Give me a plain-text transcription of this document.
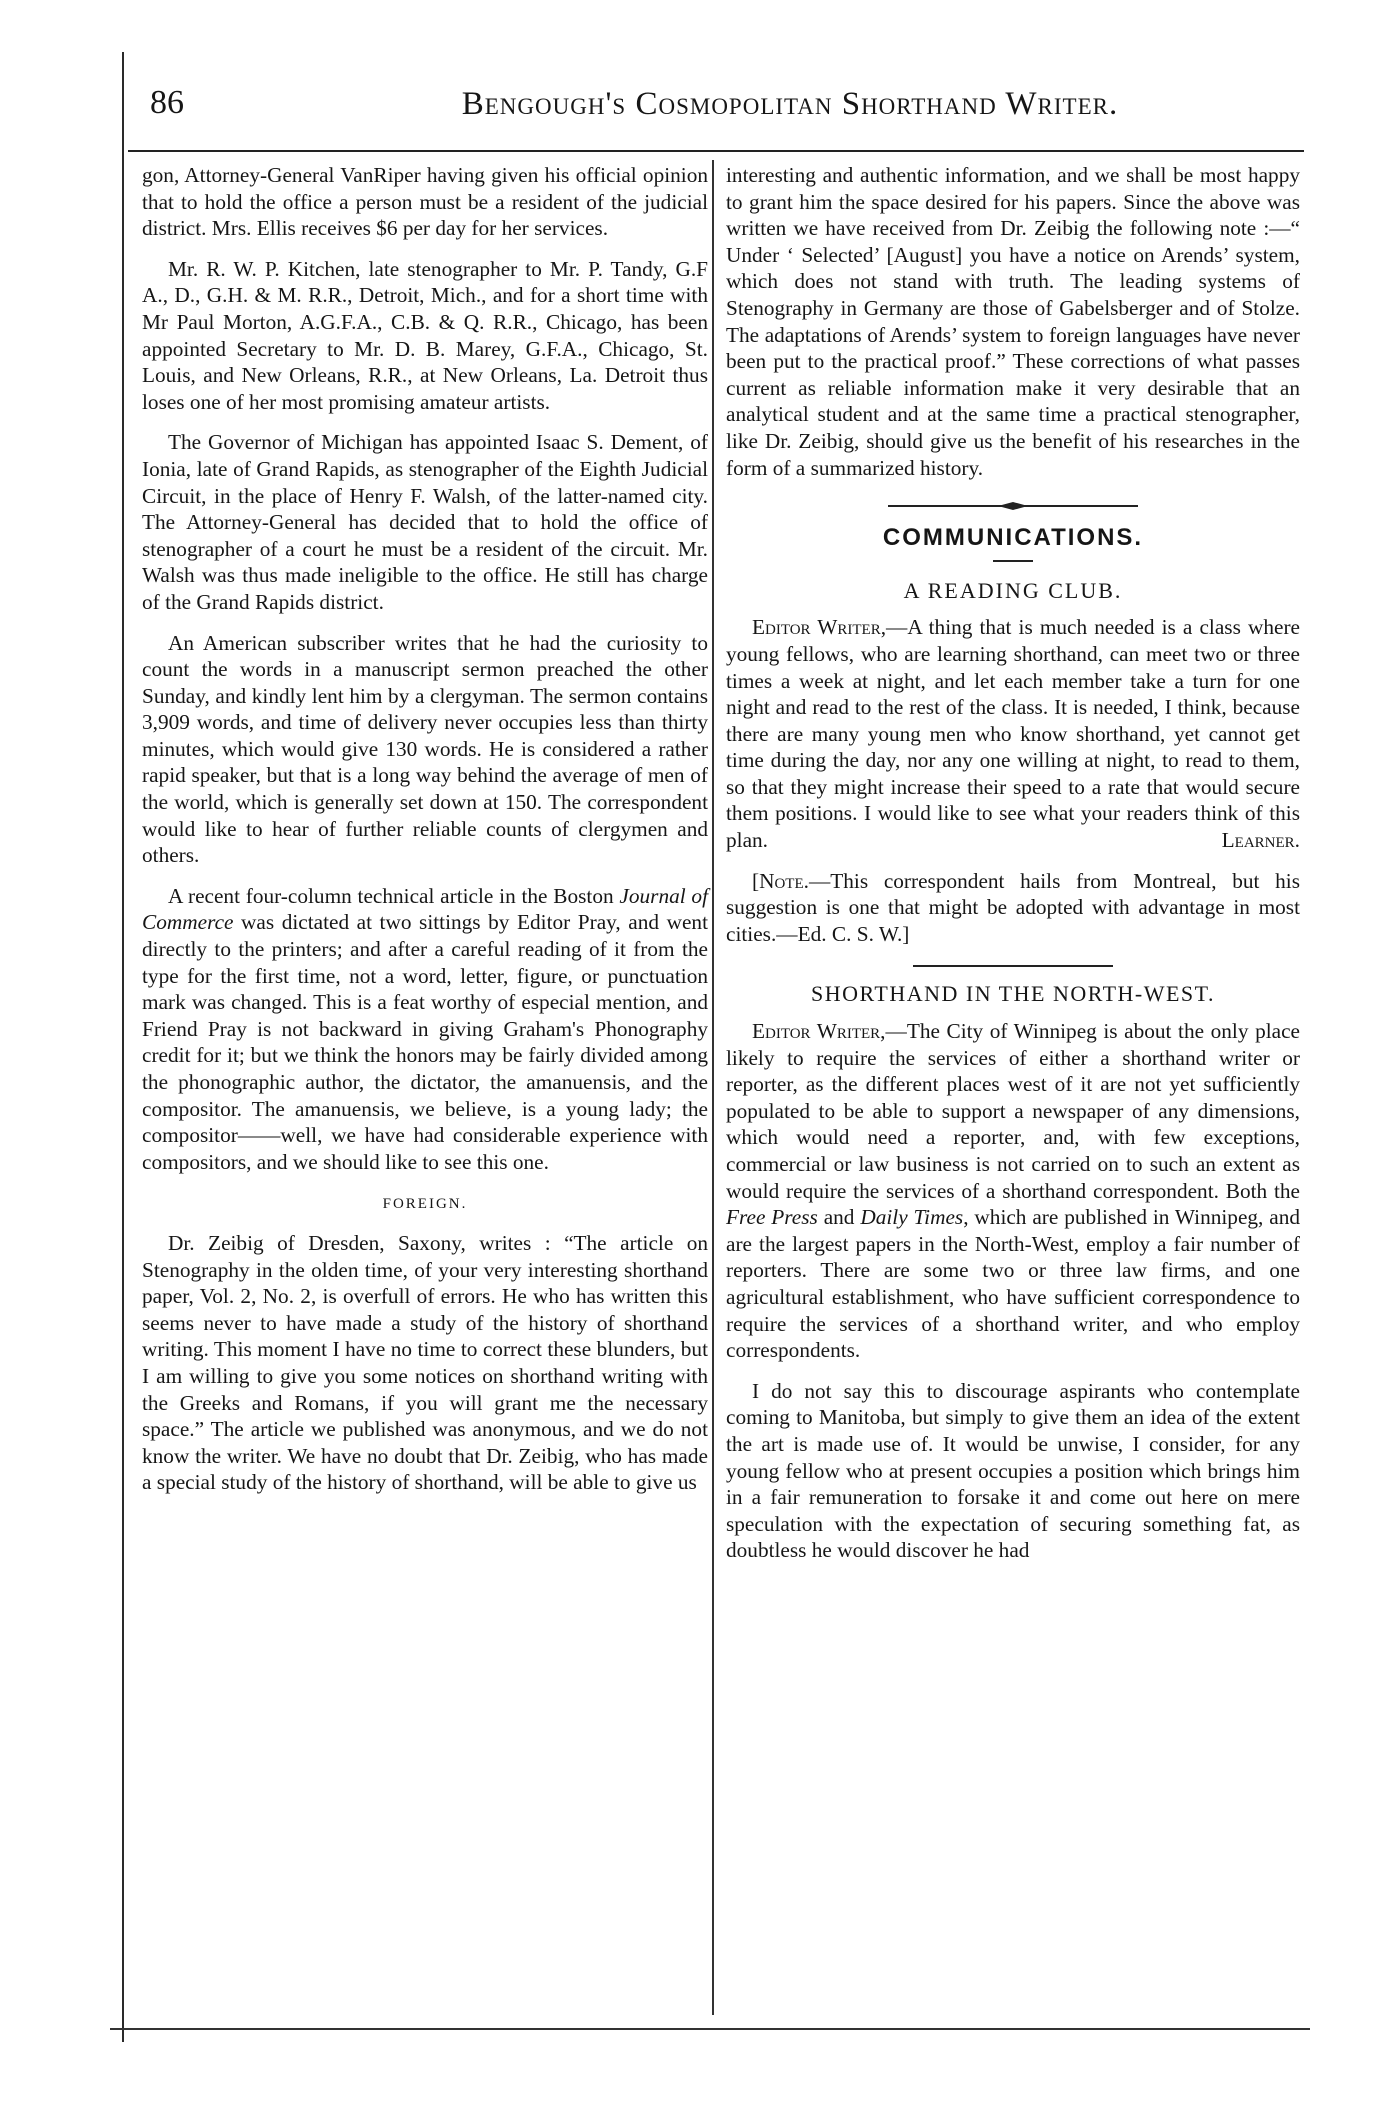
86	Bengough's Cosmopolitan Shorthand Writer.

gon, Attorney-General VanRiper having given his official opinion that to hold the office a person must be a resident of the judicial district. Mrs. Ellis receives $6 per day for her services.

Mr. R. W. P. Kitchen, late stenographer to Mr. P. Tandy, G.F A., D., G.H. & M. R.R., Detroit, Mich., and for a short time with Mr Paul Morton, A.G.F.A., C.B. & Q. R.R., Chicago, has been appointed Secretary to Mr. D. B. Marey, G.F.A., Chicago, St. Louis, and New Orleans, R.R., at New Orleans, La. Detroit thus loses one of her most promising amateur artists.

The Governor of Michigan has appointed Isaac S. Dement, of Ionia, late of Grand Rapids, as stenographer of the Eighth Judicial Circuit, in the place of Henry F. Walsh, of the latter-named city. The Attorney-General has decided that to hold the office of stenographer of a court he must be a resident of the circuit. Mr. Walsh was thus made ineligible to the office. He still has charge of the Grand Rapids district.

An American subscriber writes that he had the curiosity to count the words in a manuscript sermon preached the other Sunday, and kindly lent him by a clergyman. The sermon contains 3,909 words, and time of delivery never occupies less than thirty minutes, which would give 130 words. He is considered a rather rapid speaker, but that is a long way behind the average of men of the world, which is generally set down at 150. The correspondent would like to hear of further reliable counts of clergymen and others.

A recent four-column technical article in the Boston Journal of Commerce was dictated at two sittings by Editor Pray, and went directly to the printers; and after a careful reading of it from the type for the first time, not a word, letter, figure, or punctuation mark was changed. This is a feat worthy of especial mention, and Friend Pray is not backward in giving Graham's Phonography credit for it; but we think the honors may be fairly divided among the phonographic author, the dictator, the amanuensis, and the compositor. The amanuensis, we believe, is a young lady; the compositor——well, we have had considerable experience with compositors, and we should like to see this one.

FOREIGN.

Dr. Zeibig of Dresden, Saxony, writes : “The article on Stenography in the olden time, of your very interesting shorthand paper, Vol. 2, No. 2, is overfull of errors. He who has written this seems never to have made a study of the history of shorthand writing. This moment I have no time to correct these blunders, but I am willing to give you some notices on shorthand writing with the Greeks and Romans, if you will grant me the necessary space.” The article we published was anonymous, and we do not know the writer. We have no doubt that Dr. Zeibig, who has made a special study of the history of shorthand, will be able to give us

interesting and authentic information, and we shall be most happy to grant him the space desired for his papers. Since the above was written we have received from Dr. Zeibig the following note :—“ Under ‘ Selected’ [August] you have a notice on Arends’ system, which does not stand with truth. The leading systems of Stenography in Germany are those of Gabelsberger and of Stolze. The adaptations of Arends’ system to foreign languages have never been put to the practical proof.” These corrections of what passes current as reliable information make it very desirable that an analytical student and at the same time a practical stenographer, like Dr. Zeibig, should give us the benefit of his researches in the form of a summarized history.

COMMUNICATIONS.
A READING CLUB.

Editor Writer,—A thing that is much needed is a class where young fellows, who are learning shorthand, can meet two or three times a week at night, and let each member take a turn for one night and read to the rest of the class. It is needed, I think, because there are many young men who know shorthand, yet cannot get time during the day, nor any one willing at night, to read to them, so that they might increase their speed to a rate that would secure them positions. I would like to see what your readers think of this plan.	Learner.

[Note.—This correspondent hails from Montreal, but his suggestion is one that might be adopted with advantage in most cities.—Ed. C. S. W.]

SHORTHAND IN THE NORTH-WEST.

Editor Writer,—The City of Winnipeg is about the only place likely to require the services of either a shorthand writer or reporter, as the different places west of it are not yet sufficiently populated to be able to support a newspaper of any dimensions, which would need a reporter, and, with few exceptions, commercial or law business is not carried on to such an extent as would require the services of a shorthand correspondent. Both the Free Press and Daily Times, which are published in Winnipeg, and are the largest papers in the North-West, employ a fair number of reporters. There are some two or three law firms, and one agricultural establishment, who have sufficient correspondence to require the services of a shorthand writer, and who employ correspondents.

I do not say this to discourage aspirants who contemplate coming to Manitoba, but simply to give them an idea of the extent the art is made use of. It would be unwise, I consider, for any young fellow who at present occupies a position which brings him in a fair remuneration to forsake it and come out here on mere speculation with the expectation of securing something fat, as doubtless he would discover he had
